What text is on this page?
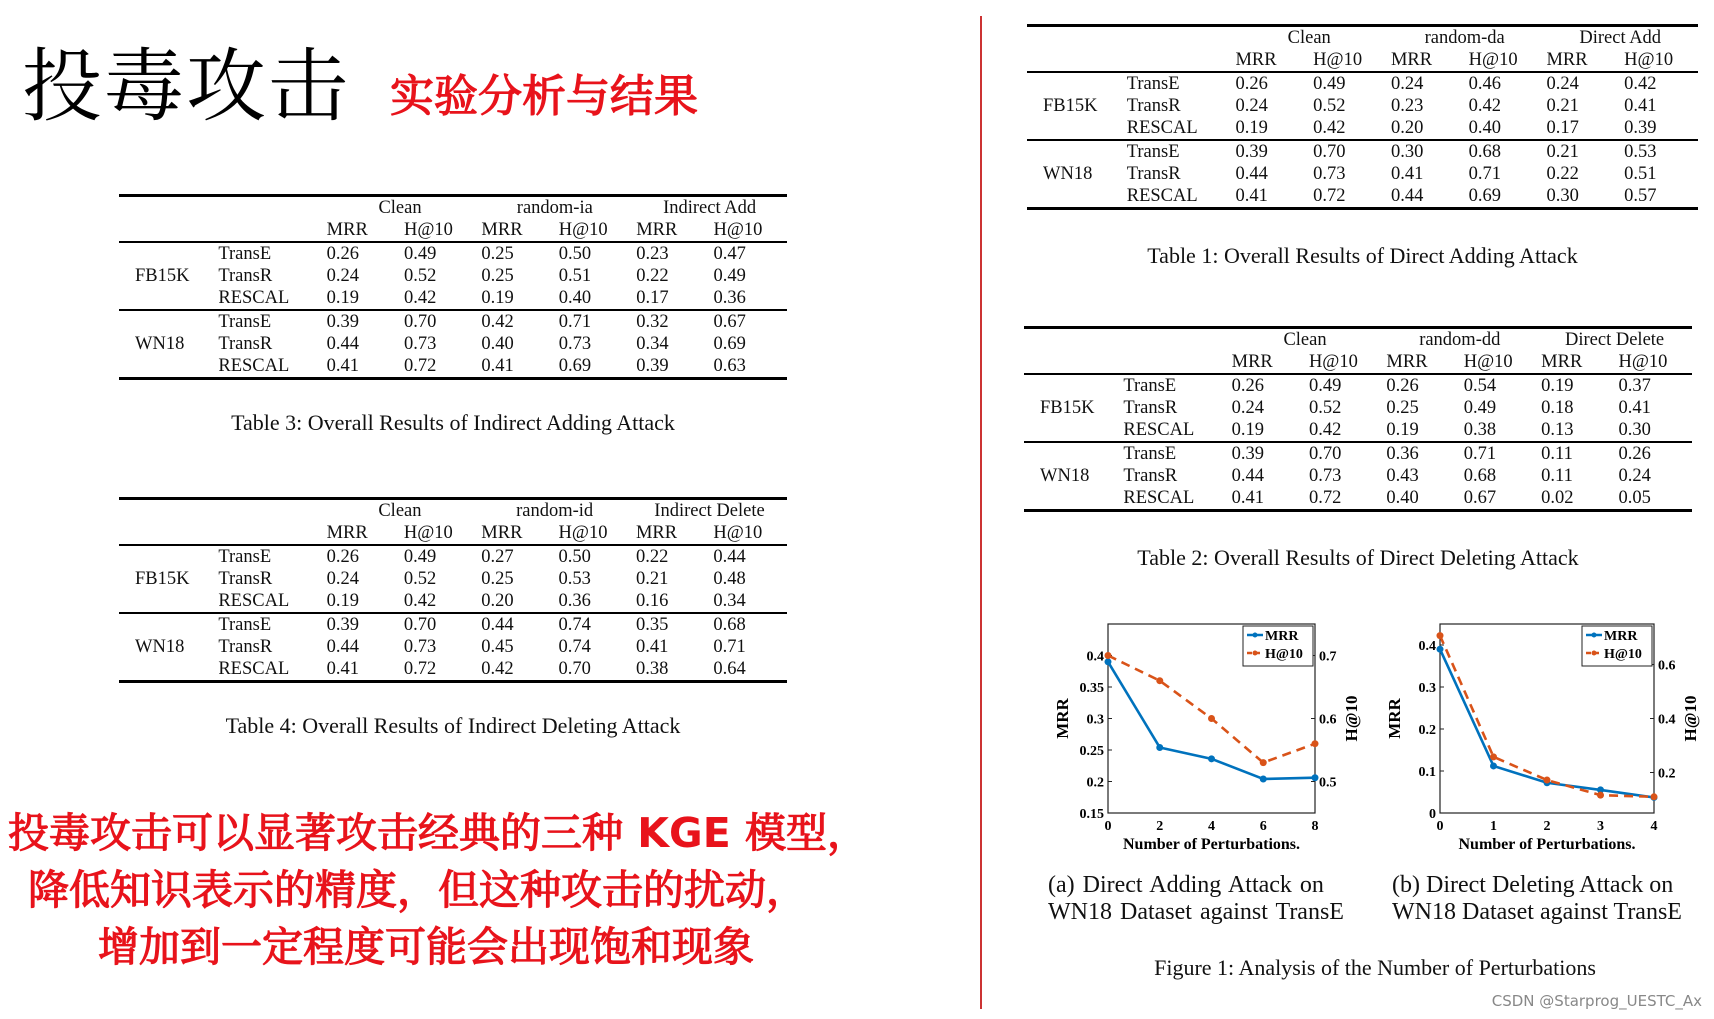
投毒攻击 实验分析与结果
投毒攻击可以显著攻击经典的三种 KGE 模型，
降低知识表示的精度，但这种攻击的扰动，
增加到一定程度可能会出现饱和现象
		Clean		random-ia		Indirect Add	
		MRR	H@10	MRR	H@10	MRR	H@10
	TransE	0.26	0.49	0.25	0.50	0.23	0.47
FB15K	TransR	0.24	0.52	0.25	0.51	0.22	0.49
	RESCAL	0.19	0.42	0.19	0.40	0.17	0.36
	TransE	0.39	0.70	0.42	0.71	0.32	0.67
WN18	TransR	0.44	0.73	0.40	0.73	0.34	0.69
	RESCAL	0.41	0.72	0.41	0.69	0.39	0.63
Table 3: Overall Results of Indirect Adding Attack
		Clean		random-id		Indirect Delete	
		MRR	H@10	MRR	H@10	MRR	H@10
	TransE	0.26	0.49	0.27	0.50	0.22	0.44
FB15K	TransR	0.24	0.52	0.25	0.53	0.21	0.48
	RESCAL	0.19	0.42	0.20	0.36	0.16	0.34
	TransE	0.39	0.70	0.44	0.74	0.35	0.68
WN18	TransR	0.44	0.73	0.45	0.74	0.41	0.71
	RESCAL	0.41	0.72	0.42	0.70	0.38	0.64
Table 4: Overall Results of Indirect Deleting Attack
		Clean		random-da		Direct Add	
		MRR	H@10	MRR	H@10	MRR	H@10
	TransE	0.26	0.49	0.24	0.46	0.24	0.42
FB15K	TransR	0.24	0.52	0.23	0.42	0.21	0.41
	RESCAL	0.19	0.42	0.20	0.40	0.17	0.39
	TransE	0.39	0.70	0.30	0.68	0.21	0.53
WN18	TransR	0.44	0.73	0.41	0.71	0.22	0.51
	RESCAL	0.41	0.72	0.44	0.69	0.30	0.57
Table 1: Overall Results of Direct Adding Attack
		Clean		random-dd		Direct Delete	
		MRR	H@10	MRR	H@10	MRR	H@10
	TransE	0.26	0.49	0.26	0.54	0.19	0.37
FB15K	TransR	0.24	0.52	0.25	0.49	0.18	0.41
	RESCAL	0.19	0.42	0.19	0.38	0.13	0.30
	TransE	0.39	0.70	0.36	0.71	0.11	0.26
WN18	TransR	0.44	0.73	0.43	0.68	0.11	0.24
	RESCAL	0.41	0.72	0.40	0.67	0.02	0.05
Table 2: Overall Results of Direct Deleting Attack
0.15
0.2
0.25
0.3
0.35
0.4
0.5
0.6
0.7
0	2	4	6	8
Number of Perturbations.
MRR	H@10
MRR
H@10
0
0.1
0.2
0.3
0.4
0.2
0.4
0.6
0	1	2	3	4
Number of Perturbations.
MRR	H@10
MRR
H@10
(a) Direct Adding Attack on
WN18 Dataset against TransE
(b) Direct Deleting Attack on
WN18 Dataset against TransE
Figure 1: Analysis of the Number of Perturbations
CSDN @Starprog_UESTC_Ax
